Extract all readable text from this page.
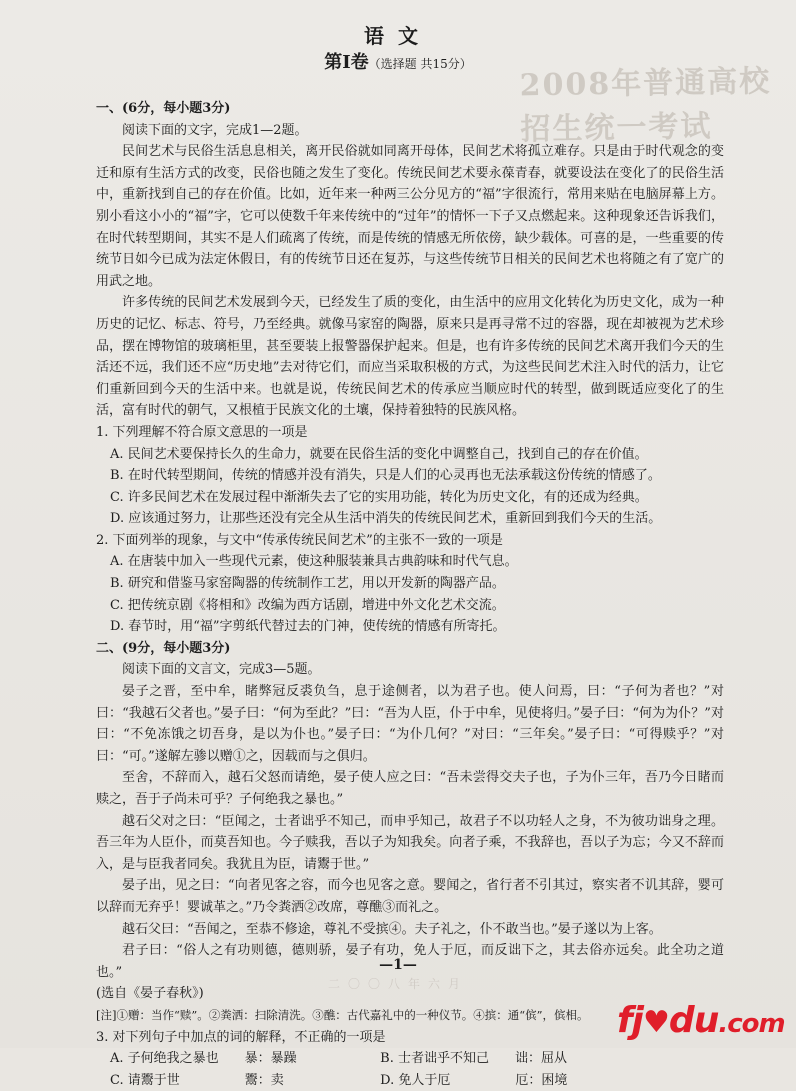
2008年普通高校招生统一考试
语文
第Ⅰ卷（选择题 共15分）

一、(6分，每小题3分)

阅读下面的文字，完成1—2题。

民间艺术与民俗生活息息相关，离开民俗就如同离开母体，民间艺术将孤立难存。只是由于时代观念的变迁和原有生活方式的改变，民俗也随之发生了变化。传统民间艺术要永葆青春，就要设法在变化了的民俗生活中，重新找到自己的存在价值。比如，近年来一种两三公分见方的“福”字很流行，常用来贴在电脑屏幕上方。别小看这小小的“福”字，它可以使数千年来传统中的“过年”的情怀一下子又点燃起来。这种现象还告诉我们，在时代转型期间，其实不是人们疏离了传统，而是传统的情感无所依傍，缺少载体。可喜的是，一些重要的传统节日如今已成为法定休假日，有的传统节日还在复苏，与这些传统节日相关的民间艺术也将随之有了宽广的用武之地。

许多传统的民间艺术发展到今天，已经发生了质的变化，由生活中的应用文化转化为历史文化，成为一种历史的记忆、标志、符号，乃至经典。就像马家窑的陶器，原来只是再寻常不过的容器，现在却被视为艺术珍品，摆在博物馆的玻璃柜里，甚至要装上报警器保护起来。但是，也有许多传统的民间艺术离开我们今天的生活还不远，我们还不应“历史地”去对待它们，而应当采取积极的方式，为这些民间艺术注入时代的活力，让它们重新回到今天的生活中来。也就是说，传统民间艺术的传承应当顺应时代的转型，做到既适应变化了的生活，富有时代的朝气，又根植于民族文化的土壤，保持着独特的民族风格。

1. 下列理解不符合原文意思的一项是

A. 民间艺术要保持长久的生命力，就要在民俗生活的变化中调整自己，找到自己的存在价值。

B. 在时代转型期间，传统的情感并没有消失，只是人们的心灵再也无法承载这份传统的情感了。

C. 许多民间艺术在发展过程中渐渐失去了它的实用功能，转化为历史文化，有的还成为经典。

D. 应该通过努力，让那些还没有完全从生活中消失的传统民间艺术，重新回到我们今天的生活。

2. 下面列举的现象，与文中“传承传统民间艺术”的主张不一致的一项是

A. 在唐装中加入一些现代元素，使这种服装兼具古典韵味和时代气息。

B. 研究和借鉴马家窑陶器的传统制作工艺，用以开发新的陶器产品。

C. 把传统京剧《将相和》改编为西方话剧，增进中外文化艺术交流。

D. 春节时，用“福”字剪纸代替过去的门神，使传统的情感有所寄托。

二、(9分，每小题3分)

阅读下面的文言文，完成3—5题。

晏子之晋，至中牟，睹弊冠反裘负刍，息于途侧者，以为君子也。使人问焉，曰：“子何为者也？”对曰：“我越石父者也。”晏子曰：“何为至此？”曰：“吾为人臣，仆于中牟，见使将归。”晏子曰：“何为为仆？”对曰：“不免冻饿之切吾身，是以为仆也。”晏子曰：“为仆几何？”对曰：“三年矣。”晏子曰：“可得赎乎？”对曰：“可。”遂解左骖以赠①之，因载而与之俱归。

至舍，不辞而入，越石父怒而请绝，晏子使人应之曰：“吾未尝得交夫子也，子为仆三年，吾乃今日睹而赎之，吾于子尚未可乎？子何绝我之暴也。”

越石父对之曰：“臣闻之，士者诎乎不知己，而申乎知己，故君子不以功轻人之身，不为彼功诎身之理。吾三年为人臣仆，而莫吾知也。今子赎我，吾以子为知我矣。向者子乘，不我辞也，吾以子为忘；今又不辞而入，是与臣我者同矣。我犹且为臣，请鬻于世。”

晏子出，见之曰：“向者见客之容，而今也见客之意。婴闻之，省行者不引其过，察实者不讥其辞，婴可以辞而无弃乎！婴诚革之。”乃令粪洒②改席，尊醮③而礼之。

越石父曰：“吾闻之，至恭不修途，尊礼不受摈④。夫子礼之，仆不敢当也。”晏子遂以为上客。

君子曰：“俗人之有功则德，德则骄，晏子有功，免人于厄，而反诎下之，其去俗亦远矣。此全功之道也。”

(选自《晏子春秋》)

[注]①赠：当作“赎”。②粪洒：扫除清洗。③醮：古代嘉礼中的一种仪节。④摈：通“傧”，傧相。

3. 对下列句子中加点的词的解释，不正确的一项是

A. 子何绝我之暴也　　暴：暴躁	B. 士者诎乎不知己　　诎：屈从
C. 请鬻于世　　　　　鬻：卖	D. 免人于厄　　　　　厄：困境
—1—
二〇〇八年六月
fj♥du.com
